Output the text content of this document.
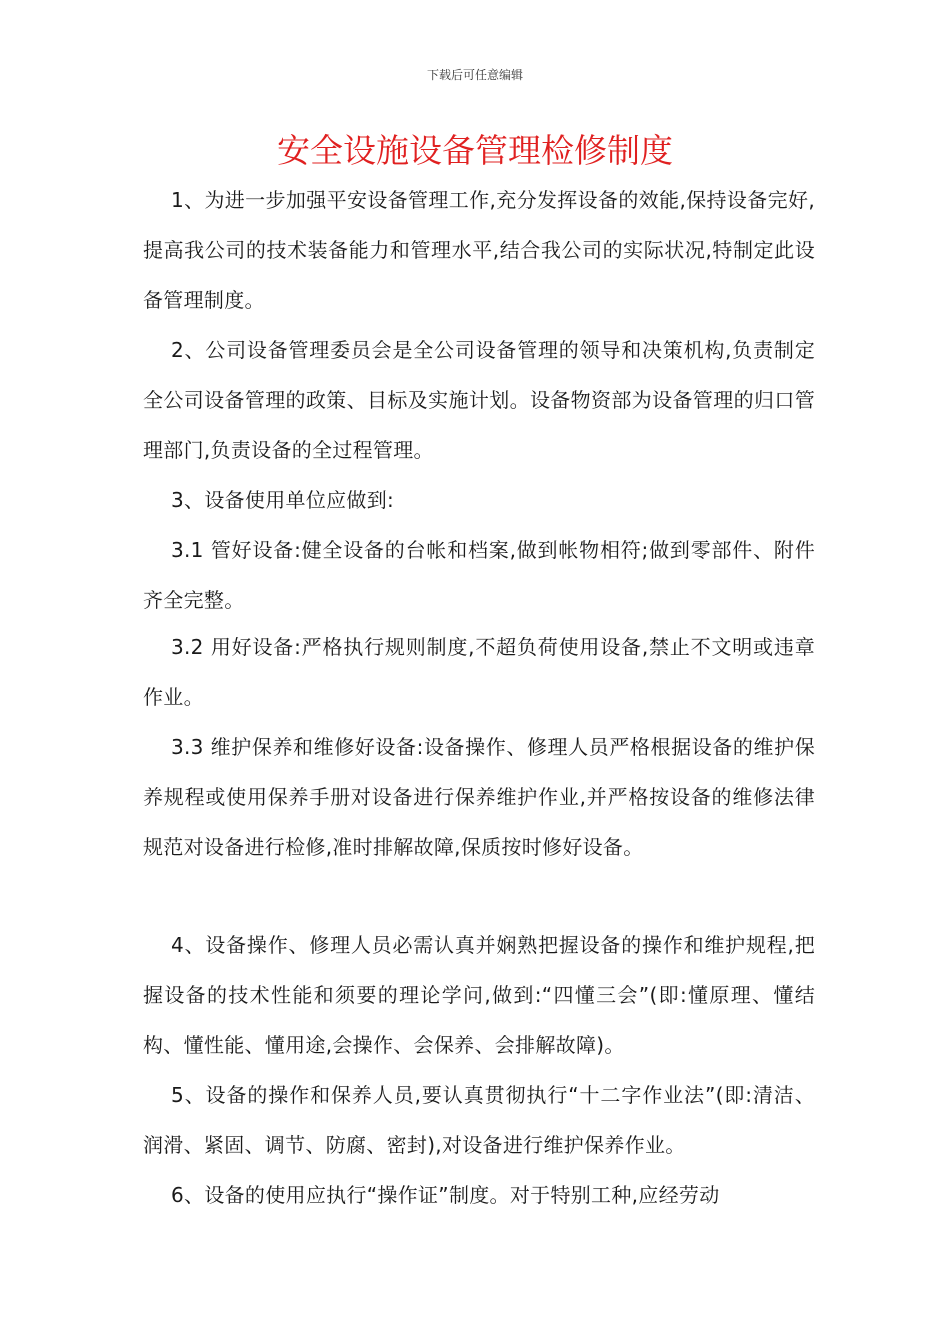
下载后可任意编辑
安全设施设备管理检修制度

1、为进一步加强平安设备管理工作,充分发挥设备的效能,保持设备完好,提高我公司的技术装备能力和管理水平,结合我公司的实际状况,特制定此设备管理制度。

2、公司设备管理委员会是全公司设备管理的领导和决策机构,负责制定全公司设备管理的政策、目标及实施计划。设备物资部为设备管理的归口管理部门,负责设备的全过程管理。

3、设备使用单位应做到:

3.1 管好设备:健全设备的台帐和档案,做到帐物相符;做到零部件、附件齐全完整。

3.2 用好设备:严格执行规则制度,不超负荷使用设备,禁止不文明或违章作业。

3.3 维护保养和维修好设备:设备操作、修理人员严格根据设备的维护保养规程或使用保养手册对设备进行保养维护作业,并严格按设备的维修法律规范对设备进行检修,准时排解故障,保质按时修好设备。

4、设备操作、修理人员必需认真并娴熟把握设备的操作和维护规程,把握设备的技术性能和须要的理论学问,做到:“四懂三会”(即:懂原理、懂结构、懂性能、懂用途,会操作、会保养、会排解故障)。

5、设备的操作和保养人员,要认真贯彻执行“十二字作业法”(即:清洁、润滑、紧固、调节、防腐、密封),对设备进行维护保养作业。

6、设备的使用应执行“操作证”制度。对于特别工种,应经劳动
